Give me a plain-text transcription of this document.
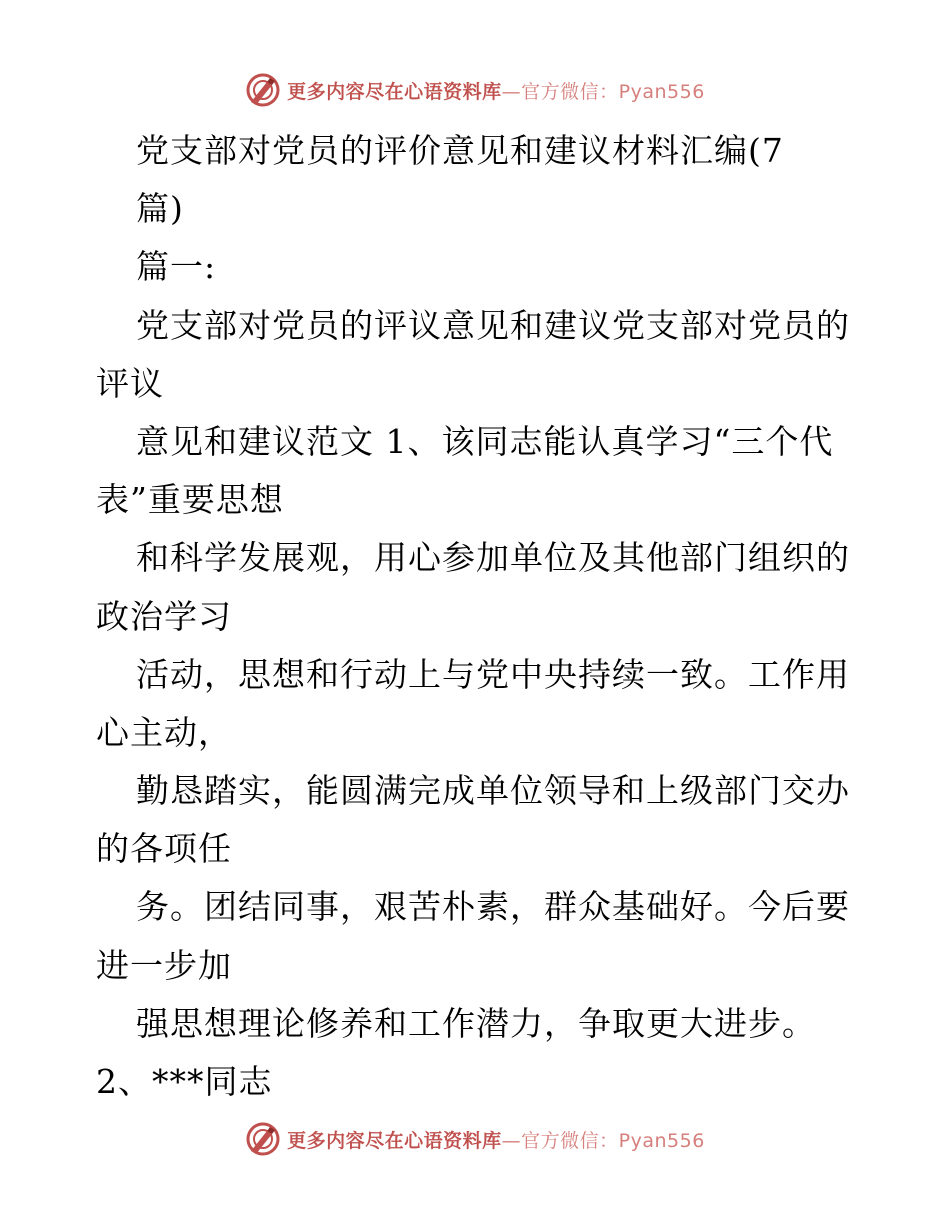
更多内容尽在心语资料库—官方微信：Pyan556
党支部对党员的评价意见和建议材料汇编(7
篇)
篇一:
党支部对党员的评议意见和建议党支部对党员的
评议
意见和建议范文 1、该同志能认真学习“三个代
表”重要思想
和科学发展观，用心参加单位及其他部门组织的
政治学习
活动，思想和行动上与党中央持续一致。工作用
心主动，
勤恳踏实，能圆满完成单位领导和上级部门交办
的各项任
务。团结同事，艰苦朴素，群众基础好。今后要
进一步加
强思想理论修养和工作潜力，争取更大进步。
2、***同志
更多内容尽在心语资料库—官方微信：Pyan556
